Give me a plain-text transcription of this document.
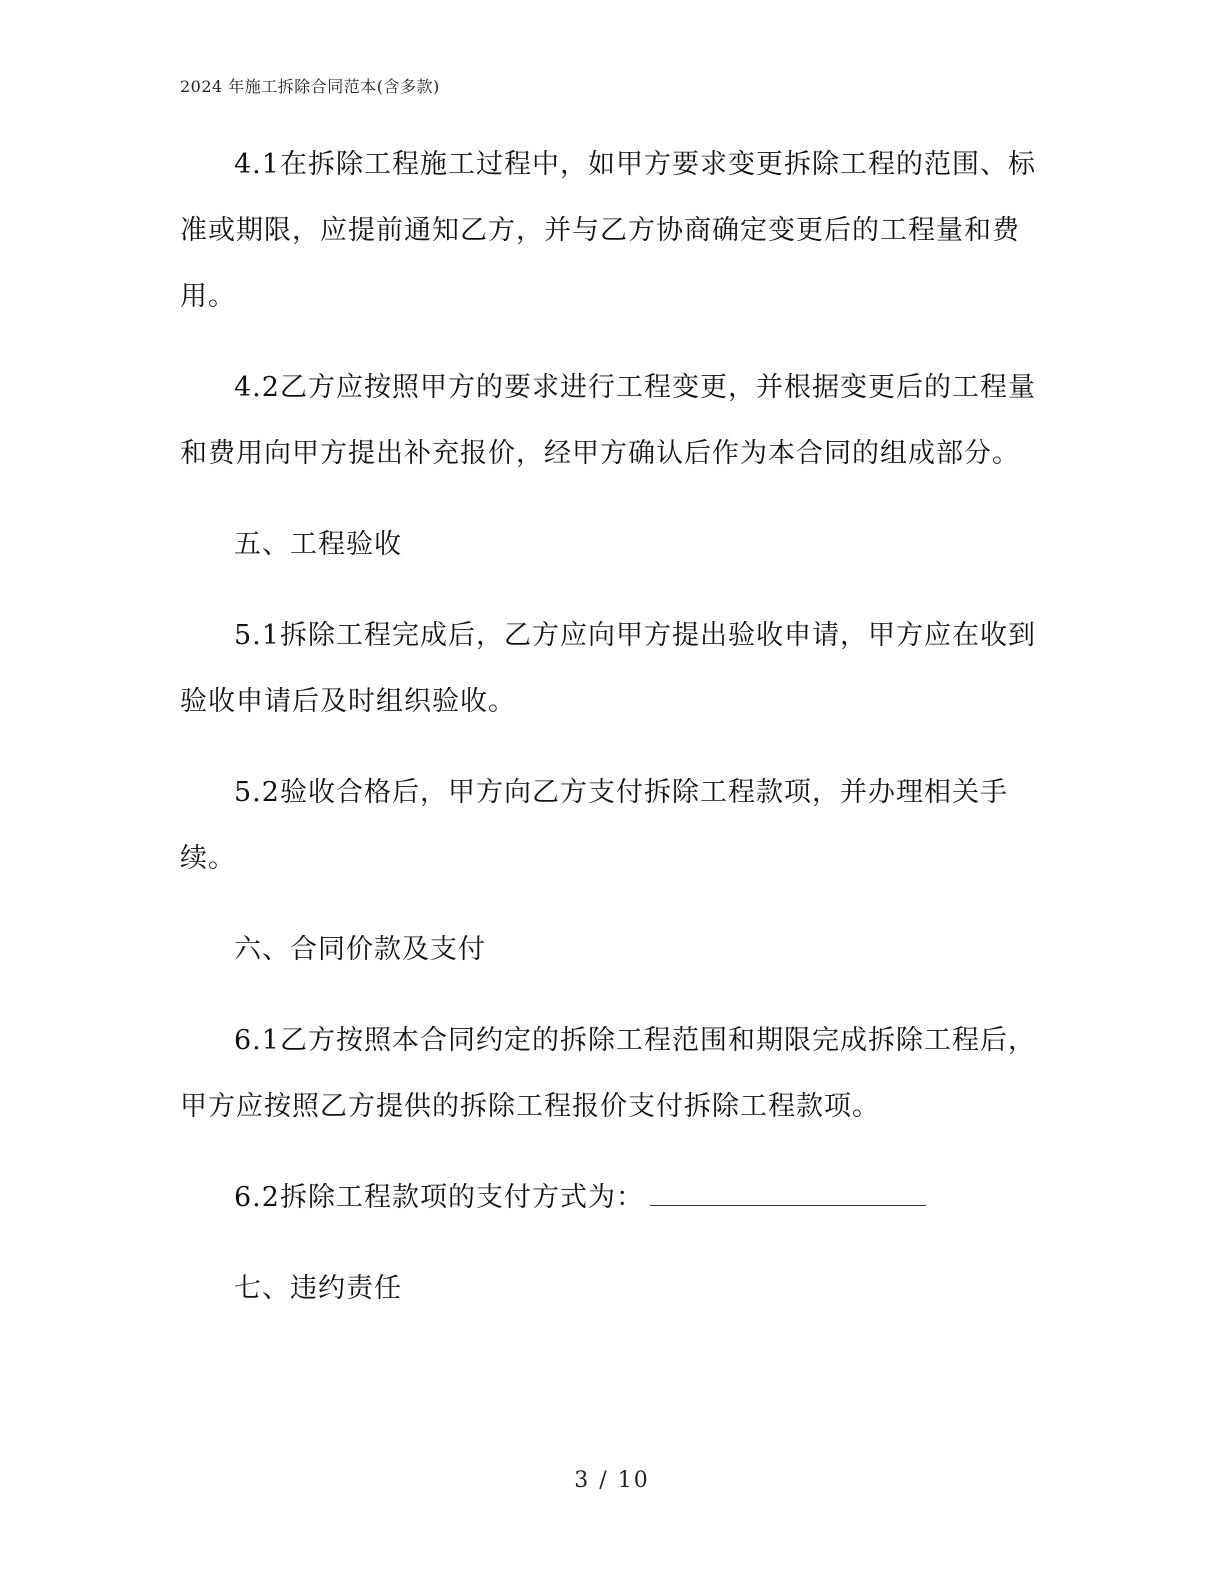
2024 年施工拆除合同范本(含多款)

4.1在拆除工程施工过程中，如甲方要求变更拆除工程的范围、标准或期限，应提前通知乙方，并与乙方协商确定变更后的工程量和费用。

4.2乙方应按照甲方的要求进行工程变更，并根据变更后的工程量和费用向甲方提出补充报价，经甲方确认后作为本合同的组成部分。

五、工程验收

5.1拆除工程完成后，乙方应向甲方提出验收申请，甲方应在收到验收申请后及时组织验收。

5.2验收合格后，甲方向乙方支付拆除工程款项，并办理相关手续。

六、合同价款及支付

6.1乙方按照本合同约定的拆除工程范围和期限完成拆除工程后，甲方应按照乙方提供的拆除工程报价支付拆除工程款项。

6.2拆除工程款项的支付方式为：

七、违约责任

3 / 10
